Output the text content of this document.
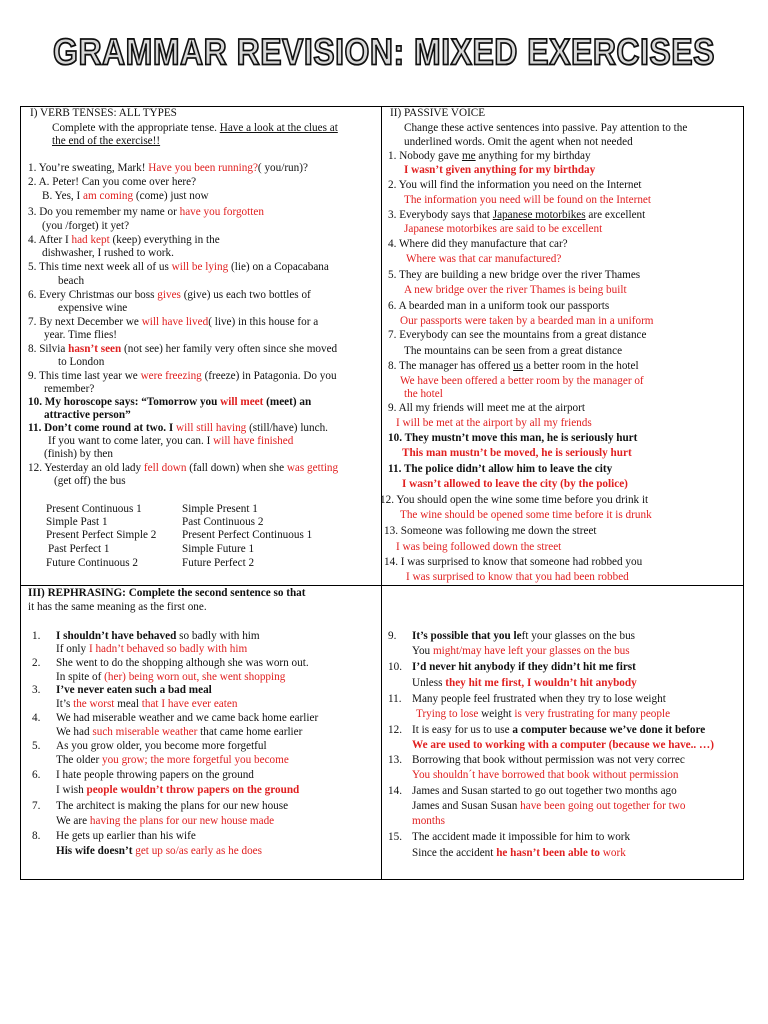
GRAMMAR REVISION: MIXED EXERCISES
I) VERB TENSES: ALL TYPES
Complete with the appropriate tense. Have a look at the clues at
the end of the exercise!!
1. You’re sweating, Mark! Have you been running?( you/run)?
2. A. Peter! Can you come over here?
B. Yes, I am coming (come) just now
3. Do you remember my name or have you forgotten
(you /forget) it yet?
4. After I had kept (keep) everything in the
dishwasher, I rushed to work.
5. This time next week all of us will be lying (lie) on a Copacabana
beach
6. Every Christmas our boss gives (give) us each two bottles of
expensive wine
7. By next December we will have lived( live) in this house for a
year. Time flies!
8. Silvia hasn’t seen (not see) her family very often since she moved
to London
9. This time last year we were freezing (freeze) in Patagonia. Do you
remember?
10. My horoscope says: “Tomorrow you will meet (meet) an
attractive person”
11. Don’t come round at two. I will still having (still/have) lunch.
If you want to come later, you can. I will have finished
(finish) by then
12. Yesterday an old lady fell down (fall down) when she was getting
(get off) the bus
Present Continuous 1	Simple Present 1
Simple Past 1	Past Continuous 2
Present Perfect Simple 2 Present Perfect Continuous 1
Past Perfect 1	Simple Future 1
Future Continuous 2	Future Perfect 2
II) PASSIVE VOICE
Change these active sentences into passive. Pay attention to the
underlined words. Omit the agent when not needed
1. Nobody gave me anything for my birthday
I wasn’t given anything for my birthday
2. You will find the information you need on the Internet
The information you need will be found on the Internet
3. Everybody says that Japanese motorbikes are excellent
Japanese motorbikes are said to be excellent
4. Where did they manufacture that car?
Where was that car manufactured?
5. They are building a new bridge over the river Thames
A new bridge over the river Thames is being built
6. A bearded man in a uniform took our passports
Our passports were taken by a bearded man in a uniform
7. Everybody can see the mountains from a great distance
The mountains can be seen from a great distance
8. The manager has offered us a better room in the hotel
We have been offered a better room by the manager of
the hotel
9. All my friends will meet me at the airport
I will be met at the airport by all my friends
10. They mustn’t move this man, he is seriously hurt
This man mustn’t be moved, he is seriously hurt
11. The police didn’t allow him to leave the city
I wasn’t allowed to leave the city (by the police)
12. You should open the wine some time before you drink it
The wine should be opened some time before it is drunk
13. Someone was following me down the street
I was being followed down the street
14. I was surprised to know that someone had robbed you
I was surprised to know that you had been robbed
III) REPHRASING: Complete the second sentence so that
it has the same meaning as the first one.
1. I shouldn’t have behaved so badly with him
If only I hadn’t behaved so badly with him
2. She went to do the shopping although she was worn out.
In spite of (her) being worn out, she went shopping
3. I’ve never eaten such a bad meal
It’s the worst meal that I have ever eaten
4. We had miserable weather and we came back home earlier
We had such miserable weather that came home earlier
5. As you grow older, you become more forgetful
The older you grow; the more forgetful you become
6. I hate people throwing papers on the ground
I wish people wouldn’t throw papers on the ground
7. The architect is making the plans for our new house
We are having the plans for our new house made
8. He gets up earlier than his wife
His wife doesn’t get up so/as early as he does
9. It’s possible that you left your glasses on the bus
You might/may have left your glasses on the bus
10. I’d never hit anybody if they didn’t hit me first
Unless they hit me first, I wouldn’t hit anybody
11. Many people feel frustrated when they try to lose weight
Trying to lose weight is very frustrating for many people
12. It is easy for us to use a computer because we’ve done it before
We are used to working with a computer (because we have.. …)
13. Borrowing that book without permission was not very correc
You shouldn´t have borrowed that book without permission
14. James and Susan started to go out together two months ago
James and Susan Susan have been going out together for two
months
15. The accident made it impossible for him to work
Since the accident he hasn’t been able to work
